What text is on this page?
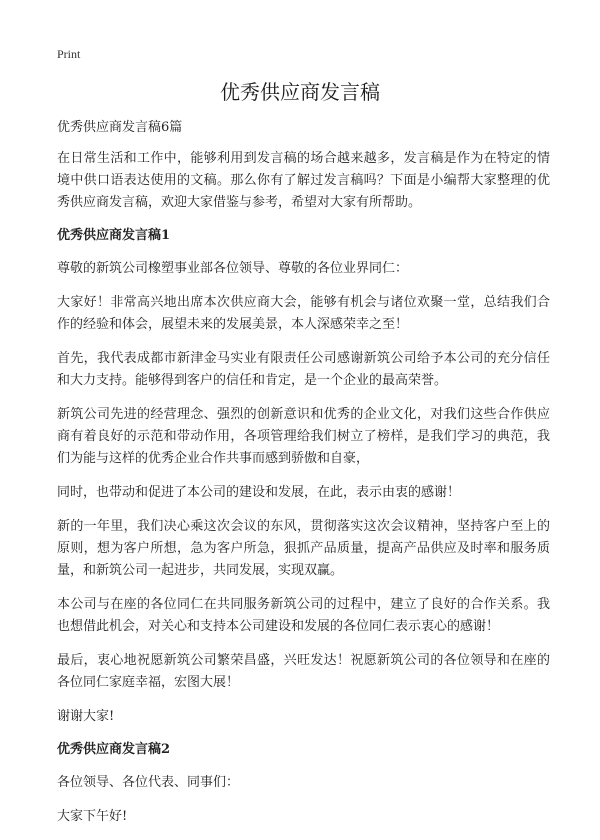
Print
优秀供应商发言稿

优秀供应商发言稿6篇

在日常生活和工作中，能够利用到发言稿的场合越来越多，发言稿是作为在特定的情境中供口语表达使用的文稿。那么你有了解过发言稿吗？下面是小编帮大家整理的优秀供应商发言稿，欢迎大家借鉴与参考，希望对大家有所帮助。

优秀供应商发言稿1

尊敬的新筑公司橡塑事业部各位领导、尊敬的各位业界同仁：

大家好！非常高兴地出席本次供应商大会，能够有机会与诸位欢聚一堂，总结我们合作的经验和体会，展望未来的发展美景，本人深感荣幸之至！

首先，我代表成都市新津金马实业有限责任公司感谢新筑公司给予本公司的充分信任和大力支持。能够得到客户的信任和肯定，是一个企业的最高荣誉。

新筑公司先进的经营理念、强烈的创新意识和优秀的企业文化，对我们这些合作供应商有着良好的示范和带动作用，各项管理给我们树立了榜样，是我们学习的典范，我们为能与这样的优秀企业合作共事而感到骄傲和自豪，

同时，也带动和促进了本公司的建设和发展，在此，表示由衷的感谢！

新的一年里，我们决心乘这次会议的东风，贯彻落实这次会议精神，坚持客户至上的原则，想为客户所想，急为客户所急，狠抓产品质量，提高产品供应及时率和服务质量，和新筑公司一起进步，共同发展，实现双赢。

本公司与在座的各位同仁在共同服务新筑公司的过程中，建立了良好的合作关系。我也想借此机会，对关心和支持本公司建设和发展的各位同仁表示衷心的感谢！

最后，衷心地祝愿新筑公司繁荣昌盛，兴旺发达！祝愿新筑公司的各位领导和在座的各位同仁家庭幸福，宏图大展！

谢谢大家!

优秀供应商发言稿2

各位领导、各位代表、同事们：

大家下午好!
